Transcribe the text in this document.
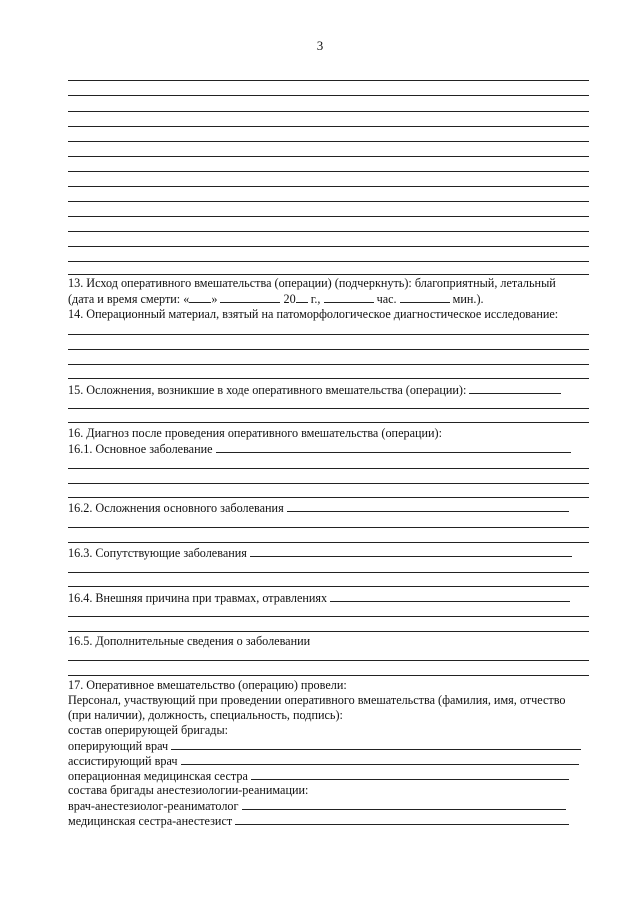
3
13. Исход оперативного вмешательства (операции) (подчеркнуть): благоприятный, летальный
(дата и время смерти: « »	20 г.,	час.	мин.).
14. Операционный материал, взятый на патоморфологическое диагностическое исследование:
15. Осложнения, возникшие в ходе оперативного вмешательства (операции):
16. Диагноз после проведения оперативного вмешательства (операции):
16.1. Основное заболевание
16.2. Осложнения основного заболевания
16.3. Сопутствующие заболевания
16.4. Внешняя причина при травмах, отравлениях
16.5. Дополнительные сведения о заболевании
17. Оперативное вмешательство (операцию) провели:
Персонал, участвующий при проведении оперативного вмешательства (фамилия, имя, отчество
(при наличии), должность, специальность, подпись):
состав оперирующей бригады:
оперирующий врач
ассистирующий врач
операционная медицинская сестра
состава бригады анестезиологии-реанимации:
врач-анестезиолог-реаниматолог
медицинская сестра-анестезист
